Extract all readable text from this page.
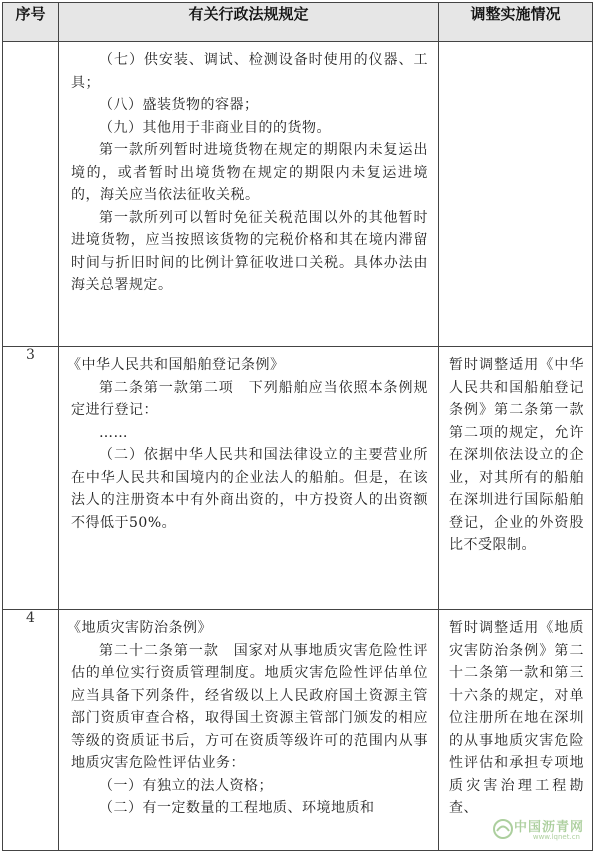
序号	有关行政法规规定	调整实施情况

	（七）供安装、调试、检测设备时使用的仪器、工具；

（八）盛装货物的容器；

（九）其他用于非商业目的的货物。

第一款所列暂时进境货物在规定的期限内未复运出境的，或者暂时出境货物在规定的期限内未复运进境的，海关应当依法征收关税。

第一款所列可以暂时免征关税范围以外的其他暂时进境货物，应当按照该货物的完税价格和其在境内滞留时间与折旧时间的比例计算征收进口关税。具体办法由海关总署规定。	

3	《中华人民共和国船舶登记条例》

第二条第一款第二项　下列船舶应当依照本条例规定进行登记：

……

（二）依据中华人民共和国法律设立的主要营业所在中华人民共和国境内的企业法人的船舶。但是，在该法人的注册资本中有外商出资的，中方投资人的出资额不得低于50%。	暂时调整适用《中华人民共和国船舶登记条例》第二条第一款第二项的规定，允许在深圳依法设立的企业，对其所有的船舶在深圳进行国际船舶登记，企业的外资股比不受限制。

4	《地质灾害防治条例》

第二十二条第一款　国家对从事地质灾害危险性评估的单位实行资质管理制度。地质灾害危险性评估单位应当具备下列条件，经省级以上人民政府国土资源主管部门资质审查合格，取得国土资源主管部门颁发的相应等级的资质证书后，方可在资质等级许可的范围内从事地质灾害危险性评估业务：

（一）有独立的法人资格；

（二）有一定数量的工程地质、环境地质和	暂时调整适用《地质灾害防治条例》第二十二条第一款和第三十六条的规定，对单位注册所在地在深圳的从事地质灾害危险性评估和承担专项地质灾害治理工程勘查、
中国沥青网
www.lqnet.cn
